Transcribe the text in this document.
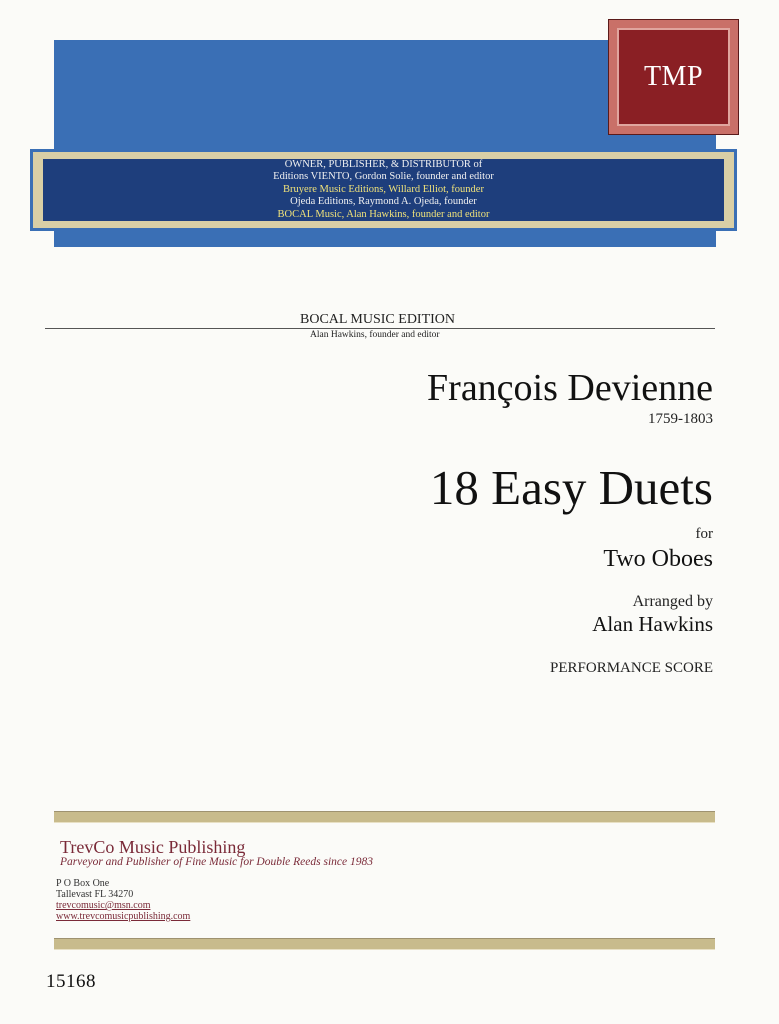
OWNER, PUBLISHER, & DISTRIBUTOR of
Editions VIENTO, Gordon Solie, founder and editor
Bruyere Music Editions, Willard Elliot, founder
Ojeda Editions, Raymond A. Ojeda, founder
BOCAL Music, Alan Hawkins, founder and editor
TMP
BOCAL MUSIC EDITION
Alan Hawkins, founder and editor
François Devienne
1759-1803
18 Easy Duets
for
Two Oboes
Arranged by
Alan Hawkins
PERFORMANCE SCORE
TrevCo Music Publishing
Parveyor and Publisher of Fine Music for Double Reeds since 1983
P O Box One
Tallevast FL 34270
trevcomusic@msn.com
www.trevcomusicpublishing.com
15168
